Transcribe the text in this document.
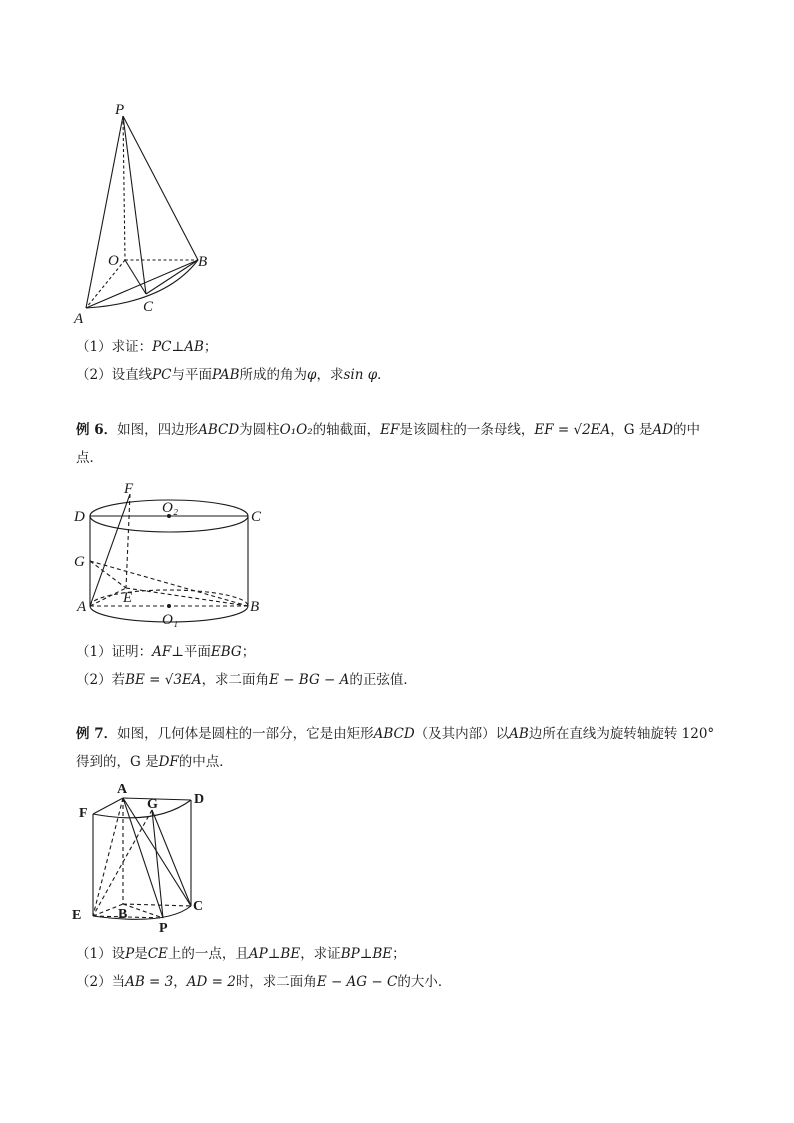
P
O	B
C
A
（1）求证：PC⊥AB；
（2）设直线PC与平面PAB所成的角为φ，求sin φ．
例 6．如图，四边形ABCD为圆柱O₁O₂的轴截面，EF是该圆柱的一条母线，EF = √2EA，G 是AD的中
点．
F
D
O₂
C
G
E
A	B
O₁
（1）证明：AF⊥平面EBG；
（2）若BE = √3EA，求二面角E − BG − A的正弦值．
例 7．如图，几何体是圆柱的一部分，它是由矩形ABCD（及其内部）以AB边所在直线为旋转轴旋转 120°
得到的，G 是DF的中点．
A
G	D
F
E	B
C
P
（1）设P是CE上的一点，且AP⊥BE，求证BP⊥BE；
（2）当AB = 3，AD = 2时，求二面角E − AG − C的大小．
